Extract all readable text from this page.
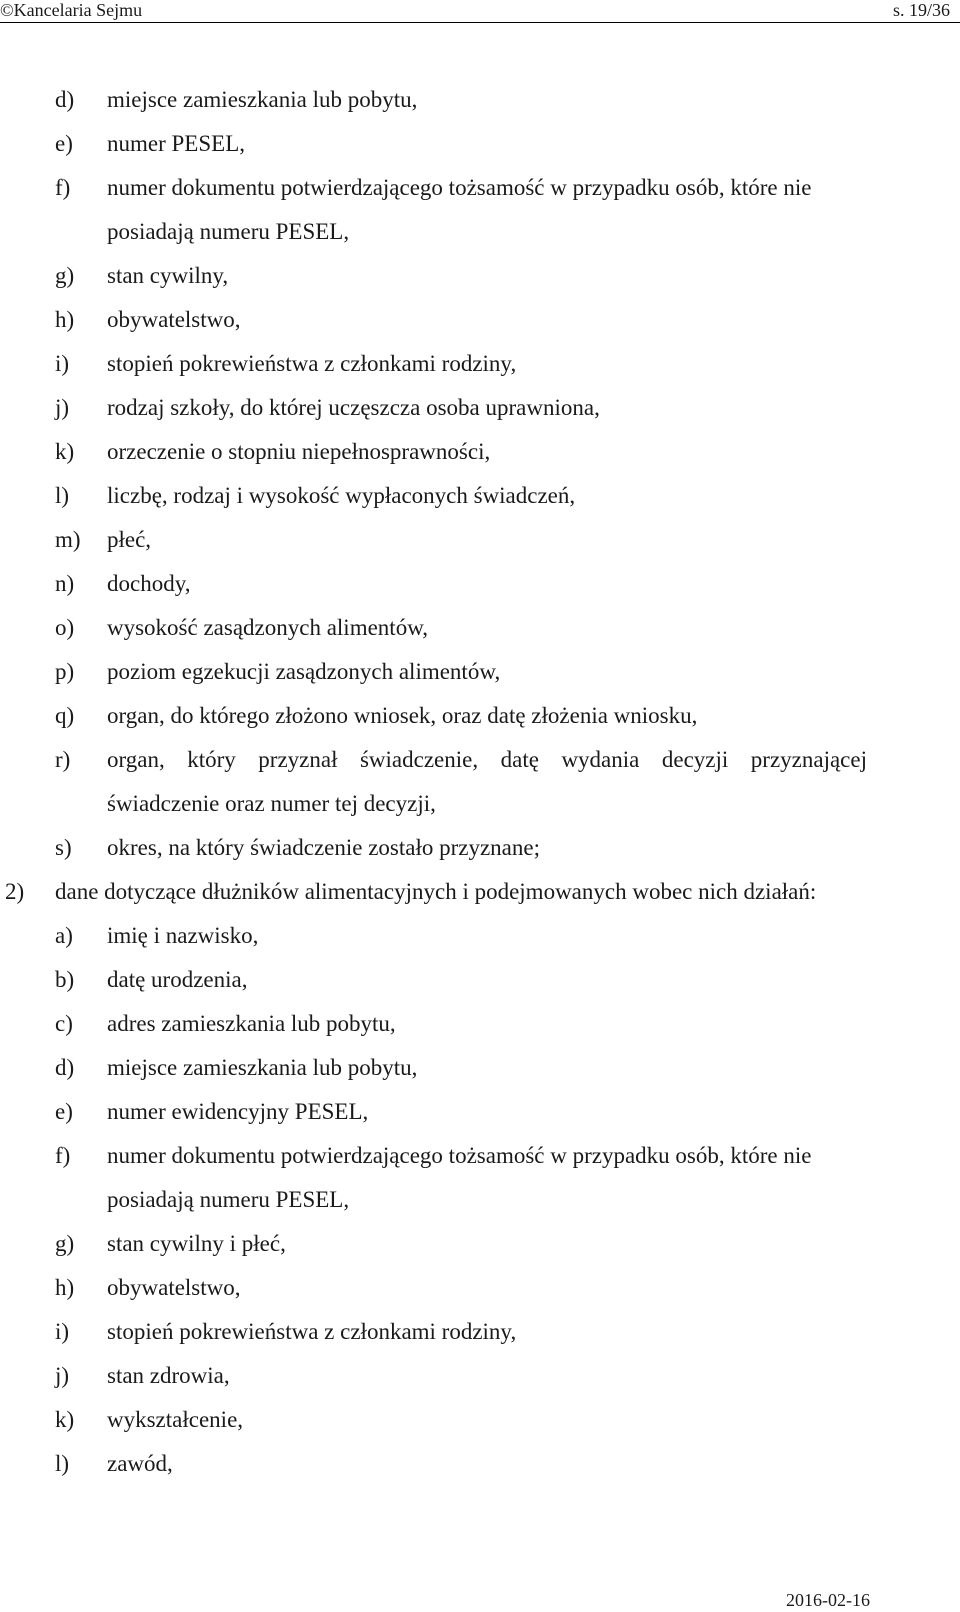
©Kancelaria Sejmu	s. 19/36
d) miejsce zamieszkania lub pobytu,
e) numer PESEL,
f) numer dokumentu potwierdzającego tożsamość w przypadku osób, które nie posiadają numeru PESEL,
g) stan cywilny,
h) obywatelstwo,
i) stopień pokrewieństwa z członkami rodziny,
j) rodzaj szkoły, do której uczęszcza osoba uprawniona,
k) orzeczenie o stopniu niepełnosprawności,
l) liczbę, rodzaj i wysokość wypłaconych świadczeń,
m) płeć,
n) dochody,
o) wysokość zasądzonych alimentów,
p) poziom egzekucji zasądzonych alimentów,
q) organ, do którego złożono wniosek, oraz datę złożenia wniosku,
r) organ, który przyznał świadczenie, datę wydania decyzji przyznającej świadczenie oraz numer tej decyzji,
s) okres, na który świadczenie zostało przyznane;
2) dane dotyczące dłużników alimentacyjnych i podejmowanych wobec nich działań:
a) imię i nazwisko,
b) datę urodzenia,
c) adres zamieszkania lub pobytu,
d) miejsce zamieszkania lub pobytu,
e) numer ewidencyjny PESEL,
f) numer dokumentu potwierdzającego tożsamość w przypadku osób, które nie posiadają numeru PESEL,
g) stan cywilny i płeć,
h) obywatelstwo,
i) stopień pokrewieństwa z członkami rodziny,
j) stan zdrowia,
k) wykształcenie,
l) zawód,
2016-02-16
